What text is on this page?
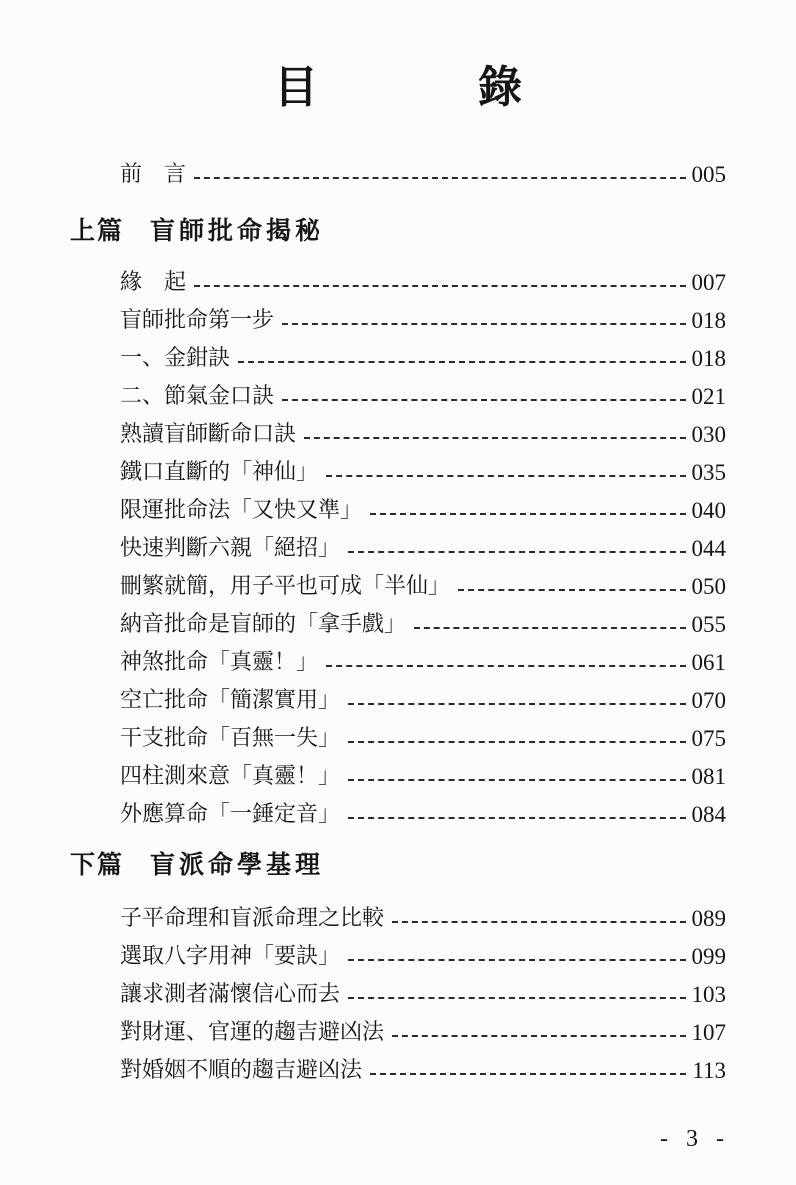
目　錄
前　言	005
上篇 盲師批命揭秘
緣　起	007
盲師批命第一步	018
一、金鉗訣	018
二、節氣金口訣	021
熟讀盲師斷命口訣	030
鐵口直斷的「神仙」	035
限運批命法「又快又準」	040
快速判斷六親「絕招」	044
刪繁就簡，用子平也可成「半仙」	050
納音批命是盲師的「拿手戲」	055
神煞批命「真靈！」	061
空亡批命「簡潔實用」	070
干支批命「百無一失」	075
四柱測來意「真靈！」	081
外應算命「一錘定音」	084
下篇 盲派命學基理
子平命理和盲派命理之比較	089
選取八字用神「要訣」	099
讓求測者滿懷信心而去	103
對財運、官運的趨吉避凶法	107
對婚姻不順的趨吉避凶法	113
- 3 -
